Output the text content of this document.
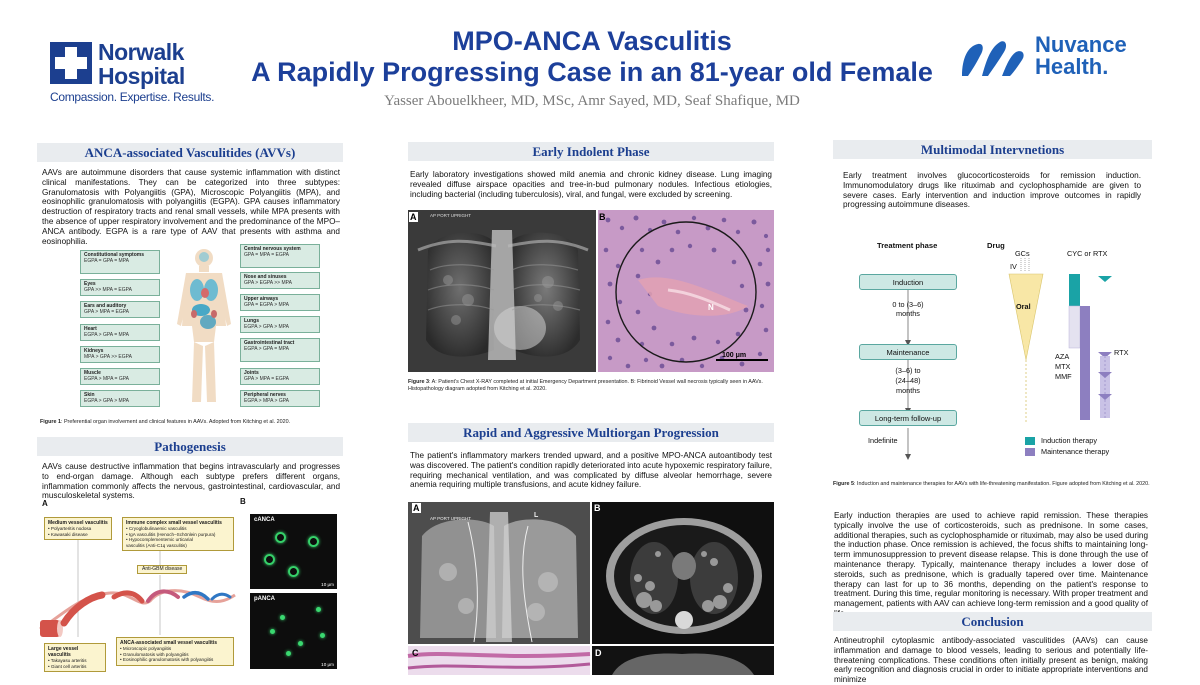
Norwalk
Hospital
Compassion. Expertise. Results.
MPO-ANCA Vasculitis
A Rapidly Progressing Case in an 81-year old Female
Yasser Abouelkheer, MD, MSc, Amr Sayed, MD, Seaf Shafique, MD
Nuvance
Health.
ANCA-associated Vasculitides (AVVs)
AAVs are autoimmune disorders that cause systemic inflammation with distinct clinical manifestations. They can be categorized into three subtypes: Granulomatosis with Polyangiitis (GPA), Microscopic Polyangiitis (MPA), and eosinophilic granulomatosis with polyangiitis (EGPA). GPA causes inflammatory destruction of respiratory tracts and renal small vessels, while MPA presents with the absence of upper respiratory involvement and the predominance of the MPO–ANCA antibody. EGPA is a rare type of AAV that presents with asthma and eosinophilia.
Constitutional symptoms
EGPA = GPA = MPA
Eyes
GPA >> MPA = EGPA
Ears and auditory
GPA > MPA = EGPA
Heart
EGPA > GPA = MPA
Kidneys
MPA > GPA >> EGPA
Muscle
EGPA > MPA = GPA
Skin
EGPA > GPA > MPA
Central nervous system
GPA = MPA = EGPA
Nose and sinuses
GPA > EGPA >> MPA
Upper airways
GPA = EGPA > MPA
Lungs
EGPA > GPA > MPA
Gastrointestinal tract
EGPA > GPA = MPA
Joints
GPA > MPA = EGPA
Peripheral nerves
EGPA > MPA > GPA
Figure 1: Preferential organ involvement and clinical features in AAVs. Adopted from Kitching et al. 2020.
Pathogenesis
AAVs cause destructive inflammation that begins intravascularly and progresses to end-organ damage. Although each subtype prefers different organs, inflammation commonly affects the nervous, gastrointestinal, cardiovascular, and musculoskeletal systems.
A	B
Medium vessel vasculitis
• Polyarteritis nodosa
• Kawasaki disease
Immune complex small vessel vasculitis
• Cryoglobulinaemic vasculitis
• IgA vasculitis (Henoch–Schönlein purpura)
• Hypocomplementemic urticarial
vasculitis (Anti-C1q vasculitis)
Anti-GBM disease
Large vessel vasculitis
• Takayasu arteritis
• Giant cell arteritis
ANCA-associated small vessel vasculitis
• Microscopic polyangiitis
• Granulomatosis with polyangiitis
• Eosinophilic granulomatosis with polyangiitis
cANCA
10 μm
pANCA
10 μm
Early Indolent Phase
Early laboratory investigations showed mild anemia and chronic kidney disease. Lung imaging revealed diffuse airspace opacities and tree-in-bud pulmonary nodules. Infectious etiologies, including bacterial (including tuberculosis), viral, and fungal, were excluded by screening.
AP PORT UPRIGHT
A
N
100 μm
B
Figure 3: A: Patient's Chest X-RAY completed at initial Emergency Department presentation. B: Fibrinoid Vessel wall necrosis typically seen in AAVs. Histopathology diagram adopted from Kitching et al. 2020.
Rapid and Aggressive Multiorgan Progression
The patient's inflammatory markers trended upward, and a positive MPO-ANCA autoantibody test was discovered. The patient's condition rapidly deteriorated into acute hypoxemic respiratory failure, requiring mechanical ventilation, and was complicated by diffuse alveolar hemorrhage, severe anemia requiring multiple transfusions, and acute kidney failure.
AP PORT UPRIGHT	L
A	B
C	D
Multimodal Intervnetions
Early treatment involves glucocorticosteroids for remission induction. Immunomodulatory drugs like rituximab and cyclophosphamide are given to severe cases. Early intervention and induction improve outcomes in rapidly progressing autoimmune diseases.
Treatment phase	Drug
GCs
IV
CYC or RTX
Oral
Induction
0 to (3–6)
months
Maintenance
(3–6) to
(24–48)
months
Long-term follow-up
Indefinite
AZA
MTX
MMF
RTX
Induction therapy
Maintenance therapy
Figure 5: Induction and maintenance therapies for AAVs with life-threatening manifestation. Figure adopted from Kitching et al. 2020.
Early induction therapies are used to achieve rapid remission. These therapies typically involve the use of corticosteroids, such as prednisone. In some cases, additional therapies, such as cyclophosphamide or rituximab, may also be used during the induction phase. Once remission is achieved, the focus shifts to maintaining long-term immunosuppression to prevent disease relapse. This is done through the use of maintenance therapy. Typically, maintenance therapy includes a lower dose of steroids, such as prednisone, which is gradually tapered over time. Maintenance therapy can last for up to 36 months, depending on the patient's response to treatment. During this time, regular monitoring is necessary. With proper treatment and management, patients with AAV can achieve long-term remission and a good quality of
Conclusion
Antineutrophil cytoplasmic antibody-associated vasculitides (AAVs) can cause inflammation and damage to blood vessels, leading to serious and potentially life-threatening complications. These conditions often initially present as benign, making early recognition and diagnosis crucial in order to initiate appropriate interventions and minimize
